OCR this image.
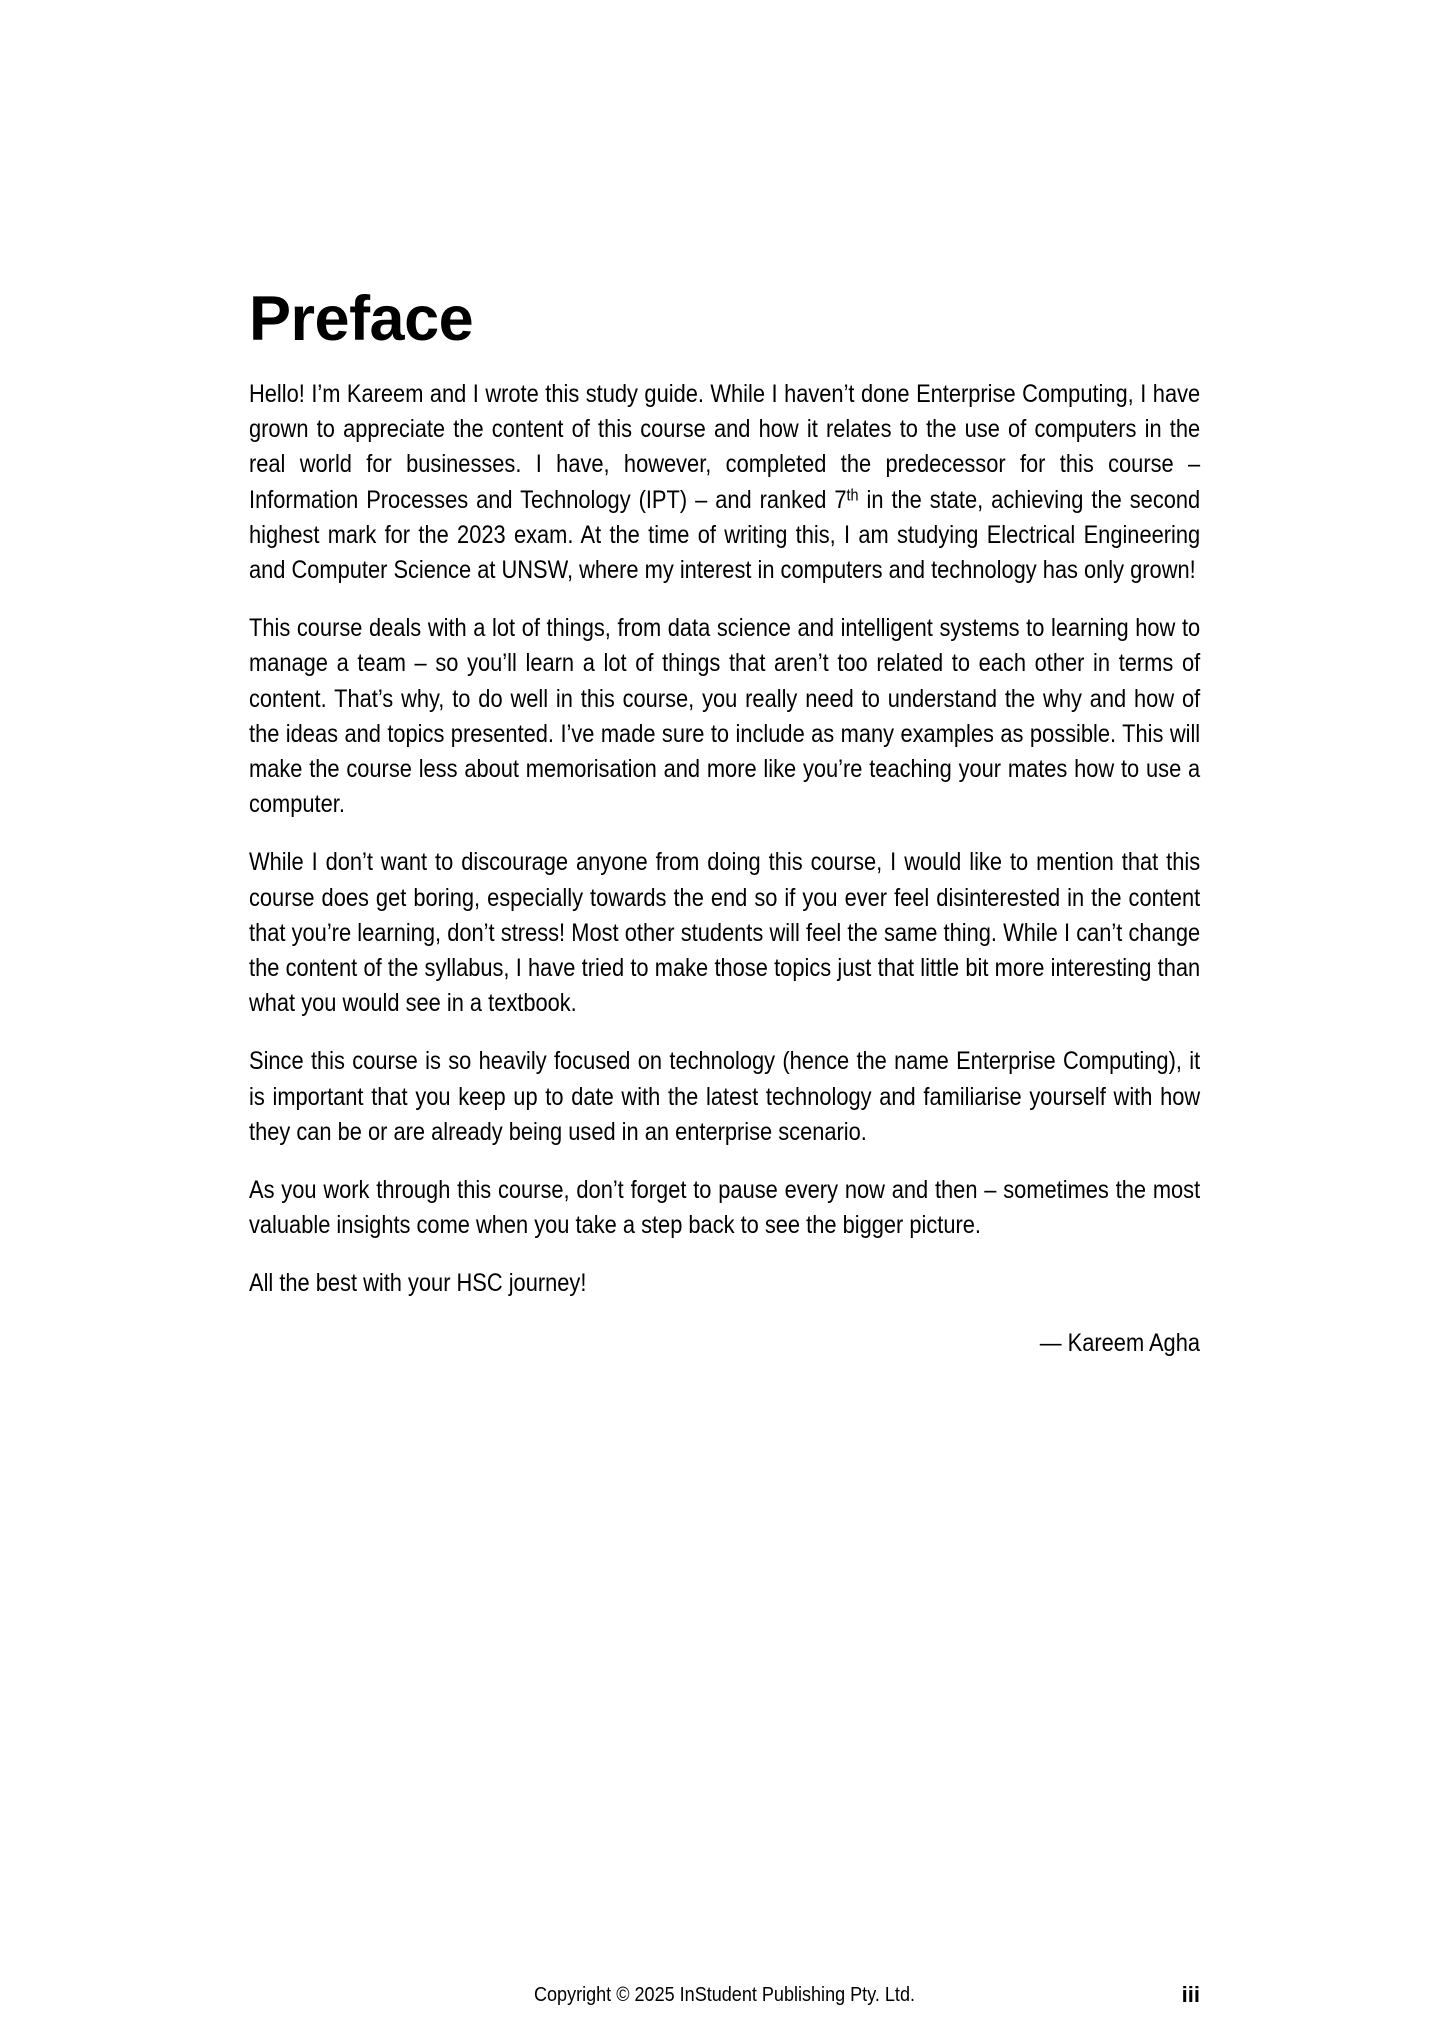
Preface

Hello! I’m Kareem and I wrote this study guide. While I haven’t done Enterprise Computing, I have grown to appreciate the content of this course and how it relates to the use of computers in the real world for businesses. I have, however, completed the predecessor for this course – Information Processes and Technology (IPT) – and ranked 7th in the state, achieving the second highest mark for the 2023 exam. At the time of writing this, I am studying Electrical Engineering and Computer Science at UNSW, where my interest in computers and technology has only grown!

This course deals with a lot of things, from data science and intelligent systems to learning how to manage a team – so you’ll learn a lot of things that aren’t too related to each other in terms of content. That’s why, to do well in this course, you really need to understand the why and how of the ideas and topics presented. I’ve made sure to include as many examples as possible. This will make the course less about memorisation and more like you’re teaching your mates how to use a computer.

While I don’t want to discourage anyone from doing this course, I would like to mention that this course does get boring, especially towards the end so if you ever feel disinterested in the content that you’re learning, don’t stress! Most other students will feel the same thing. While I can’t change the content of the syllabus, I have tried to make those topics just that little bit more interesting than what you would see in a textbook.

Since this course is so heavily focused on technology (hence the name Enterprise Computing), it is important that you keep up to date with the latest technology and familiarise yourself with how they can be or are already being used in an enterprise scenario.

As you work through this course, don’t forget to pause every now and then – sometimes the most valuable insights come when you take a step back to see the bigger picture.

All the best with your HSC journey!

— Kareem Agha

Copyright © 2025 InStudent Publishing Pty. Ltd.	iii
